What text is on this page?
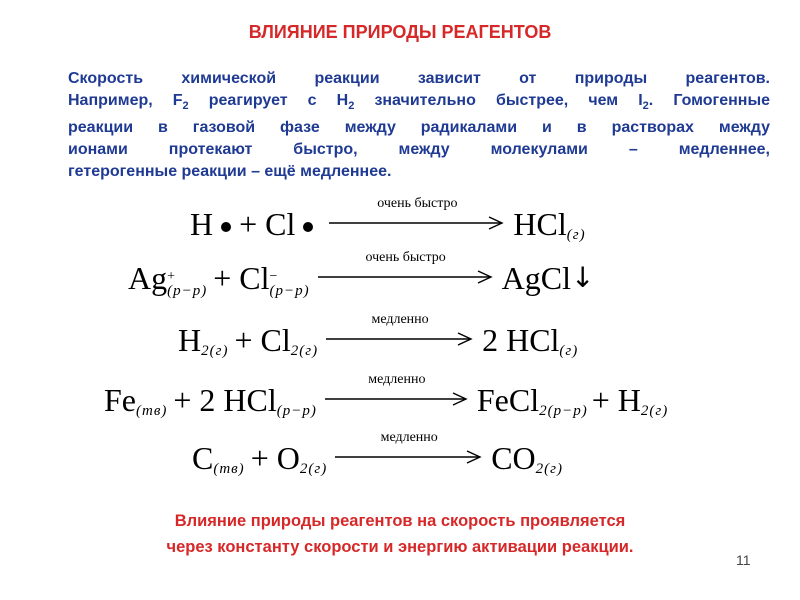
ВЛИЯНИЕ ПРИРОДЫ РЕАГЕНТОВ
Скорость химической реакции зависит от природы реагентов.
Например, $F_2$ реагирует с $H_2$ значительно быстрее, чем $I_2$. Гомогенные
реакции в газовой фазе между радикалами и в растворах между
ионами протекают быстро, между молекулами – медленнее,
гетерогенные реакции – ещё медленнее.
H + Cl
очень быстро
HCl (г)
Ag +
(р−р) + Cl −
(р−р)
очень быстро
AgCl ↓
H 2(г) + Cl 2(г)
медленно
2 HCl (г)
Fe (тв) + 2 HCl (р−р)
медленно
FeCl 2(р−р) + H 2(г)
C (тв) + O 2(г)
медленно
CO 2(г)
Влияние природы реагентов на скорость проявляется
через константу скорости и энергию активации реакции.
11
